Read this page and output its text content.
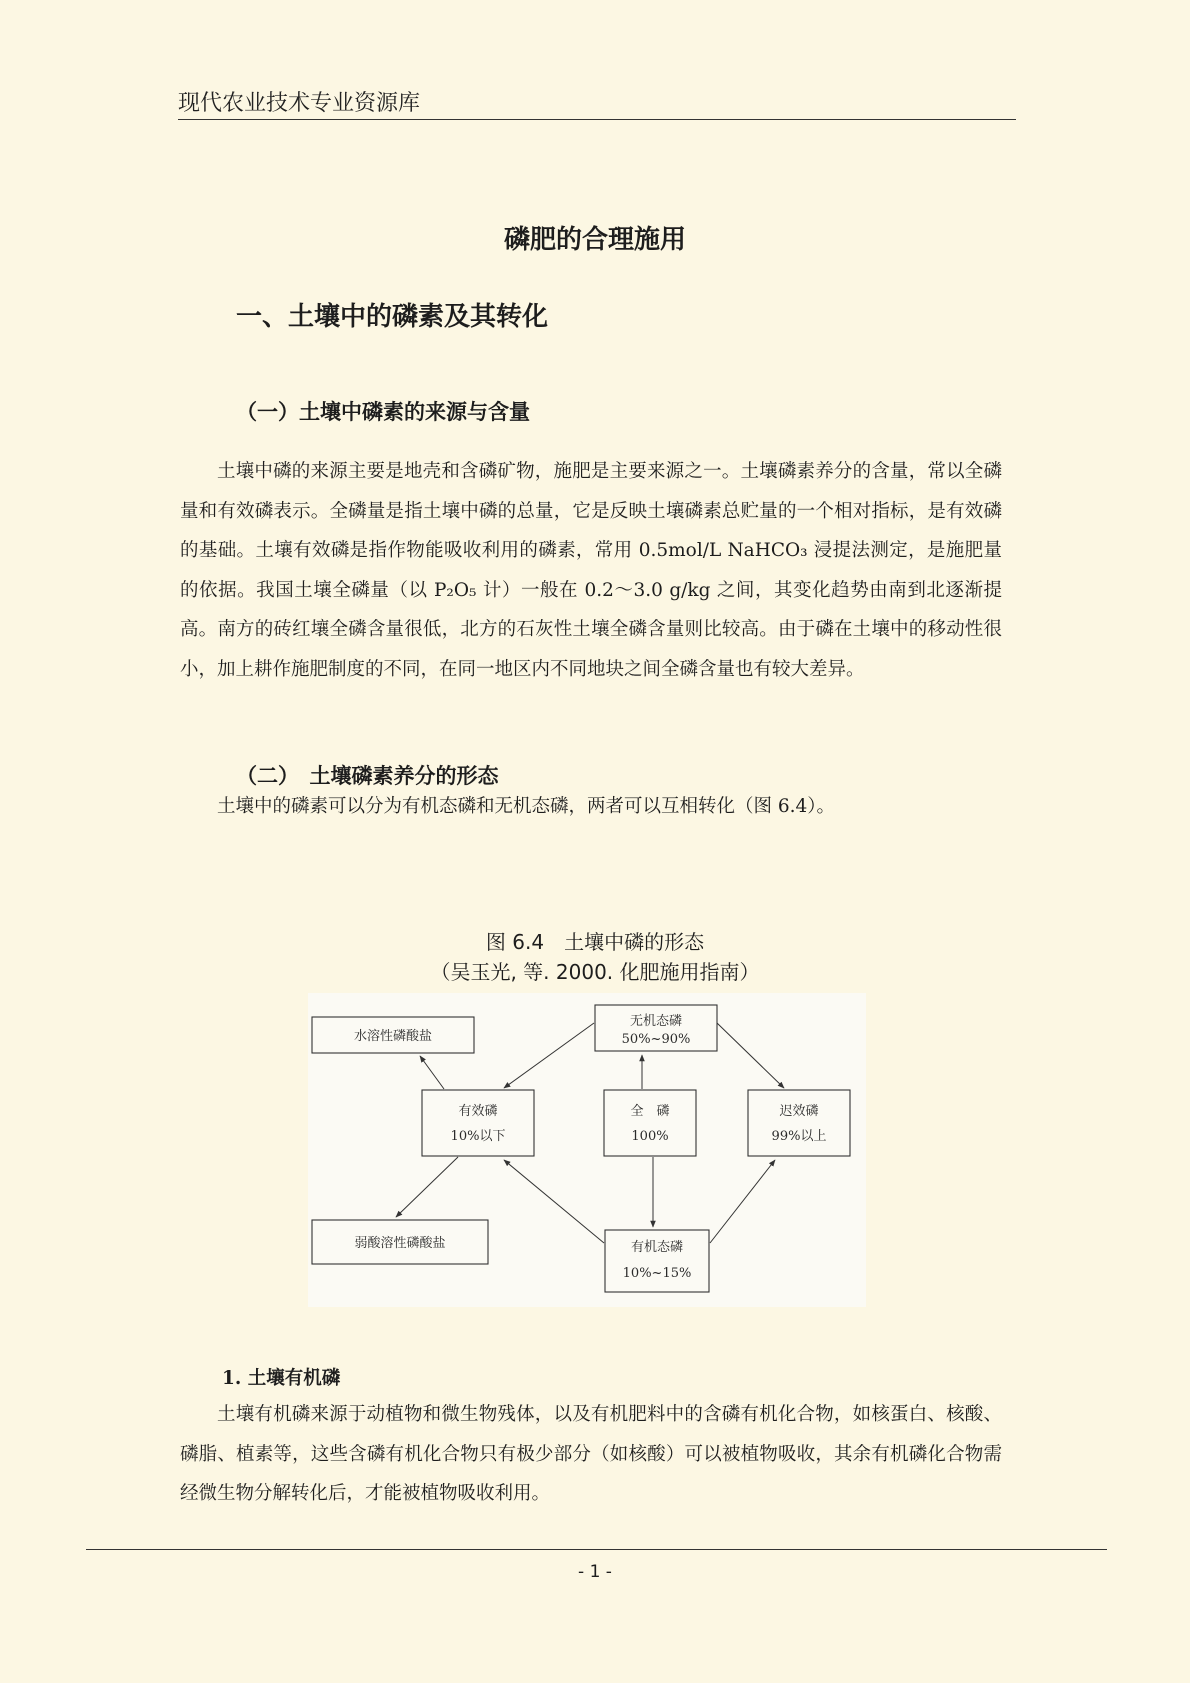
现代农业技术专业资源库
磷肥的合理施用
一、土壤中的磷素及其转化
（一）土壤中磷素的来源与含量

土壤中磷的来源主要是地壳和含磷矿物，施肥是主要来源之一。土壤磷素养分的含量，常以全磷量和有效磷表示。全磷量是指土壤中磷的总量，它是反映土壤磷素总贮量的一个相对指标，是有效磷的基础。土壤有效磷是指作物能吸收利用的磷素，常用 0.5mol/L NaHCO₃ 浸提法测定，是施肥量的依据。我国土壤全磷量（以 P₂O₅ 计）一般在 0.2～3.0 g/kg 之间，其变化趋势由南到北逐渐提高。南方的砖红壤全磷含量很低，北方的石灰性土壤全磷含量则比较高。由于磷在土壤中的移动性很小，加上耕作施肥制度的不同，在同一地区内不同地块之间全磷含量也有较大差异。

（二）　土壤磷素养分的形态

土壤中的磷素可以分为有机态磷和无机态磷，两者可以互相转化（图 6.4）。

图 6.4　土壤中磷的形态
（吴玉光, 等. 2000. 化肥施用指南）
水溶性磷酸盐
无机态磷
50%~90%
有效磷
10%以下
全　磷
100%
迟效磷
99%以上
弱酸溶性磷酸盐	有机态磷
10%~15%
1. 土壤有机磷

土壤有机磷来源于动植物和微生物残体，以及有机肥料中的含磷有机化合物，如核蛋白、核酸、磷脂、植素等，这些含磷有机化合物只有极少部分（如核酸）可以被植物吸收，其余有机磷化合物需经微生物分解转化后，才能被植物吸收利用。

- 1 -
